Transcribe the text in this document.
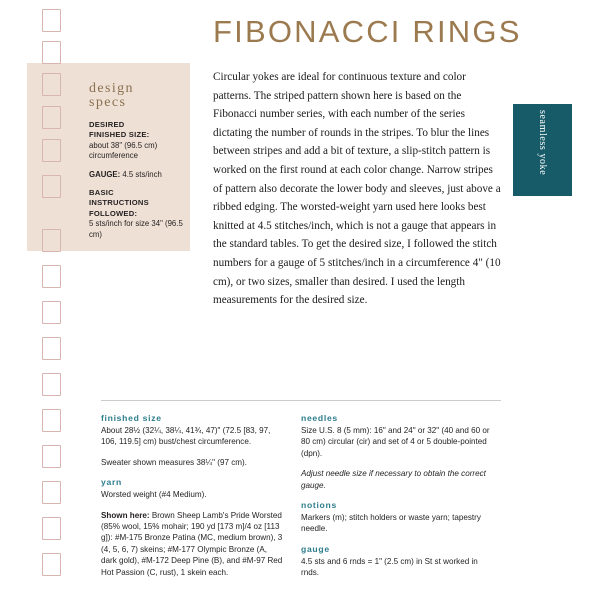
design
specs

DESIRED

FINISHED SIZE:

about 38" (96.5 cm) circumference

GAUGE: 4.5 sts/inch

BASIC

INSTRUCTIONS

FOLLOWED:

5 sts/inch for size 34" (96.5 cm)

FIBONACCI RINGS

Circular yokes are ideal for continuous texture and color patterns. The striped pattern shown here is based on the Fibonacci number series, with each number of the series dictating the number of rounds in the stripes. To blur the lines between stripes and add a bit of texture, a slip-stitch pattern is worked on the first round at each color change. Narrow stripes of pattern also decorate the lower body and sleeves, just above a ribbed edging. The worsted-weight yarn used here looks best knitted at 4.5 stitches/inch, which is not a gauge that appears in the standard tables. To get the desired size, I followed the stitch numbers for a gauge of 5 stitches/inch in a circumference 4" (10 cm), or two sizes, smaller than desired. I used the length measurements for the desired size.

seamless yoke

finished size

About 28½ (32¼, 38¼, 41¾, 47)" (72.5 [83, 97, 106, 119.5] cm) bust/chest circumference.

Sweater shown measures 38¼" (97 cm).

yarn

Worsted weight (#4 Medium).

Shown here: Brown Sheep Lamb's Pride Worsted (85% wool, 15% mohair; 190 yd [173 m]/4 oz [113 g]): #M-175 Bronze Patina (MC, medium brown), 3 (4, 5, 6, 7) skeins; #M-177 Olympic Bronze (A, dark gold), #M-172 Deep Pine (B), and #M-97 Red Hot Passion (C, rust), 1 skein each.

needles

Size U.S. 8 (5 mm): 16" and 24" or 32" (40 and 60 or 80 cm) circular (cir) and set of 4 or 5 double-pointed (dpn).

Adjust needle size if necessary to obtain the correct gauge.

notions

Markers (m); stitch holders or waste yarn; tapestry needle.

gauge

4.5 sts and 6 rnds = 1" (2.5 cm) in St st worked in rnds.
